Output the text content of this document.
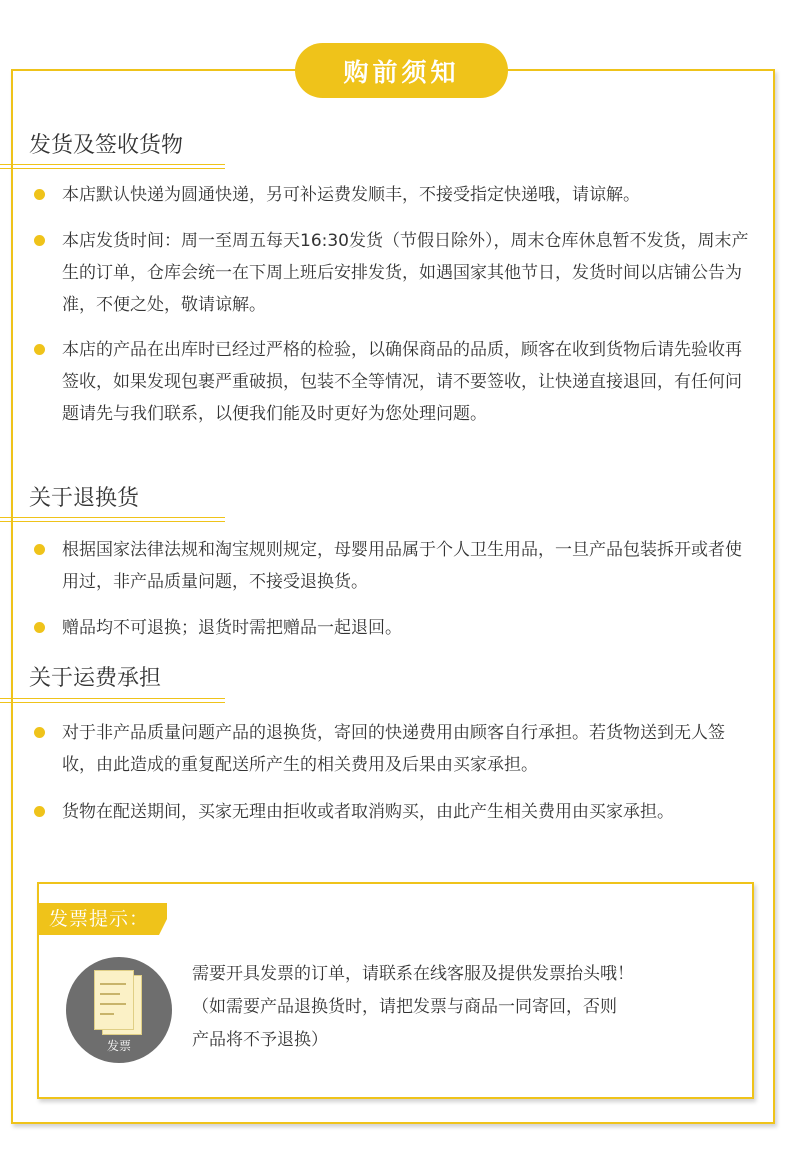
购前须知
发货及签收货物

本店默认快递为圆通快递，另可补运费发顺丰，不接受指定快递哦，请谅解。

本店发货时间：周一至周五每天16:30发货（节假日除外），周末仓库休息暂不发货，周末产生的订单，仓库会统一在下周上班后安排发货，如遇国家其他节日，发货时间以店铺公告为准，不便之处，敬请谅解。

本店的产品在出库时已经过严格的检验，以确保商品的品质，顾客在收到货物后请先验收再签收，如果发现包裹严重破损，包装不全等情况，请不要签收，让快递直接退回，有任何问题请先与我们联系，以便我们能及时更好为您处理问题。

关于退换货

根据国家法律法规和淘宝规则规定，母婴用品属于个人卫生用品，一旦产品包装拆开或者使用过，非产品质量问题，不接受退换货。

赠品均不可退换；退货时需把赠品一起退回。

关于运费承担

对于非产品质量问题产品的退换货，寄回的快递费用由顾客自行承担。若货物送到无人签收，由此造成的重复配送所产生的相关费用及后果由买家承担。

货物在配送期间，买家无理由拒收或者取消购买，由此产生相关费用由买家承担。

发票提示：
发票
需要开具发票的订单，请联系在线客服及提供发票抬头哦！
（如需要产品退换货时，请把发票与商品一同寄回，否则
产品将不予退换）
